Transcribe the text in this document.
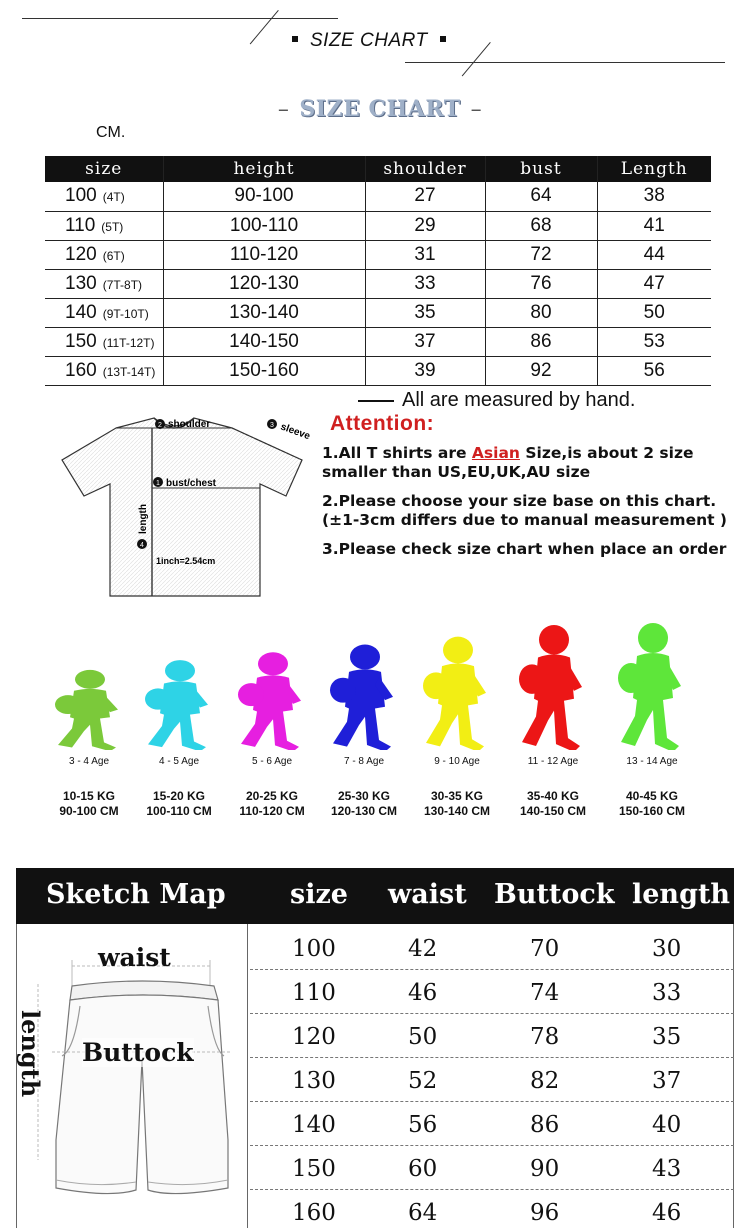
SIZE CHART
– SIZE CHART –
CM.
size	height	shoulder	bust	Length
100 (4T)	90-100	27	64	38
110 (5T)	100-110	29	68	41
120 (6T)	110-120	31	72	44
130 (7T-8T)	120-130	33	76	47
140 (9T-10T)	130-140	35	80	50
150 (11T-12T)	140-150	37	86	53
160 (13T-14T)	150-160	39	92	56
All are measured by hand.
2 shoulder	3 sleeve
1 bust/chest
4
length
1inch=2.54cm
Attention:

1.All T shirts are Asian Size,is about 2 size smaller than US,EU,UK,AU size

2.Please choose your size base on this chart.(±1-3cm differs due to manual measurement )

3.Please check size chart when place an order

3 - 4 Age
10-15 KG
90-100 CM
4 - 5 Age
15-20 KG
100-110 CM
5 - 6 Age
20-25 KG
110-120 CM
7 - 8 Age
25-30 KG
120-130 CM
9 - 10 Age
30-35 KG
130-140 CM
11 - 12 Age
35-40 KG
140-150 CM
13 - 14 Age
40-45 KG
150-160 CM
Sketch Map size waist Buttock length
waist
Buttock
length
100	42	70	30
110	46	74	33
120	50	78	35
130	52	82	37
140	56	86	40
150	60	90	43
160	64	96	46
